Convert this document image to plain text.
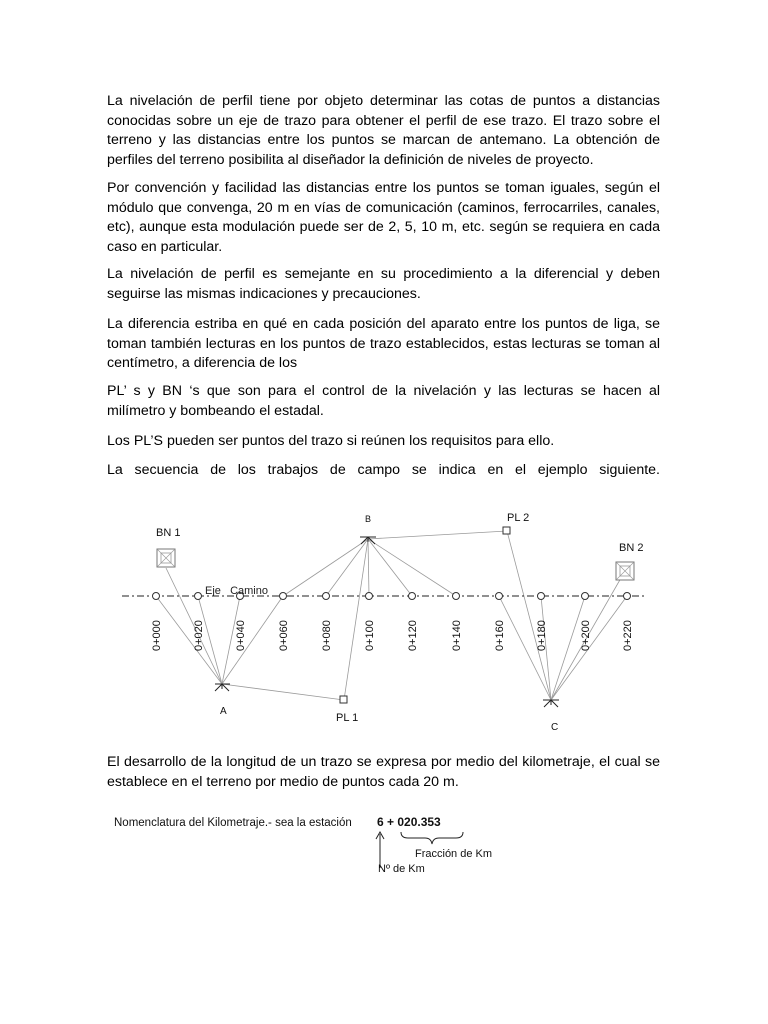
La nivelación de perfil tiene por objeto determinar las cotas de puntos a distancias conocidas sobre un eje de trazo para obtener el perfil de ese trazo. El trazo sobre el terreno y las distancias entre los puntos se marcan de antemano. La obtención de perfiles del terreno posibilita al diseñador la definición de niveles de proyecto.

Por convención y facilidad las distancias entre los puntos se toman iguales, según el módulo que convenga, 20 m en vías de comunicación (caminos, ferrocarriles, canales, etc), aunque esta modulación puede ser de 2, 5, 10 m, etc. según se requiera en cada caso en particular.

La nivelación de perfil es semejante en su procedimiento a la diferencial y deben seguirse las mismas indicaciones y precauciones.

La diferencia estriba en qué en cada posición del aparato entre los puntos de liga, se toman también lecturas en los puntos de trazo establecidos, estas lecturas se toman al centímetro, a diferencia de los

PL’ s y BN ‘s que son para el control de la nivelación y las lecturas se hacen al milímetro y bombeando el estadal.

Los PL’S pueden ser puntos del trazo si reúnen los requisitos para ello.

La secuencia de los trabajos de campo se indica en el ejemplo siguiente.

0+000	0+020	0+040	0+060	0+080	0+100	0+120	0+140	0+160	0+180	0+200	0+220
Eje   Camino
BN 1
BN 2
PL 1
PL 2
A
B
C

El desarrollo de la longitud de un trazo se expresa por medio del kilometraje, el cual se establece en el terreno por medio de puntos cada 20 m.

Nomenclatura del Kilometraje.- sea la estación 6 + 020.353
Fracción de Km
Nº de Km
